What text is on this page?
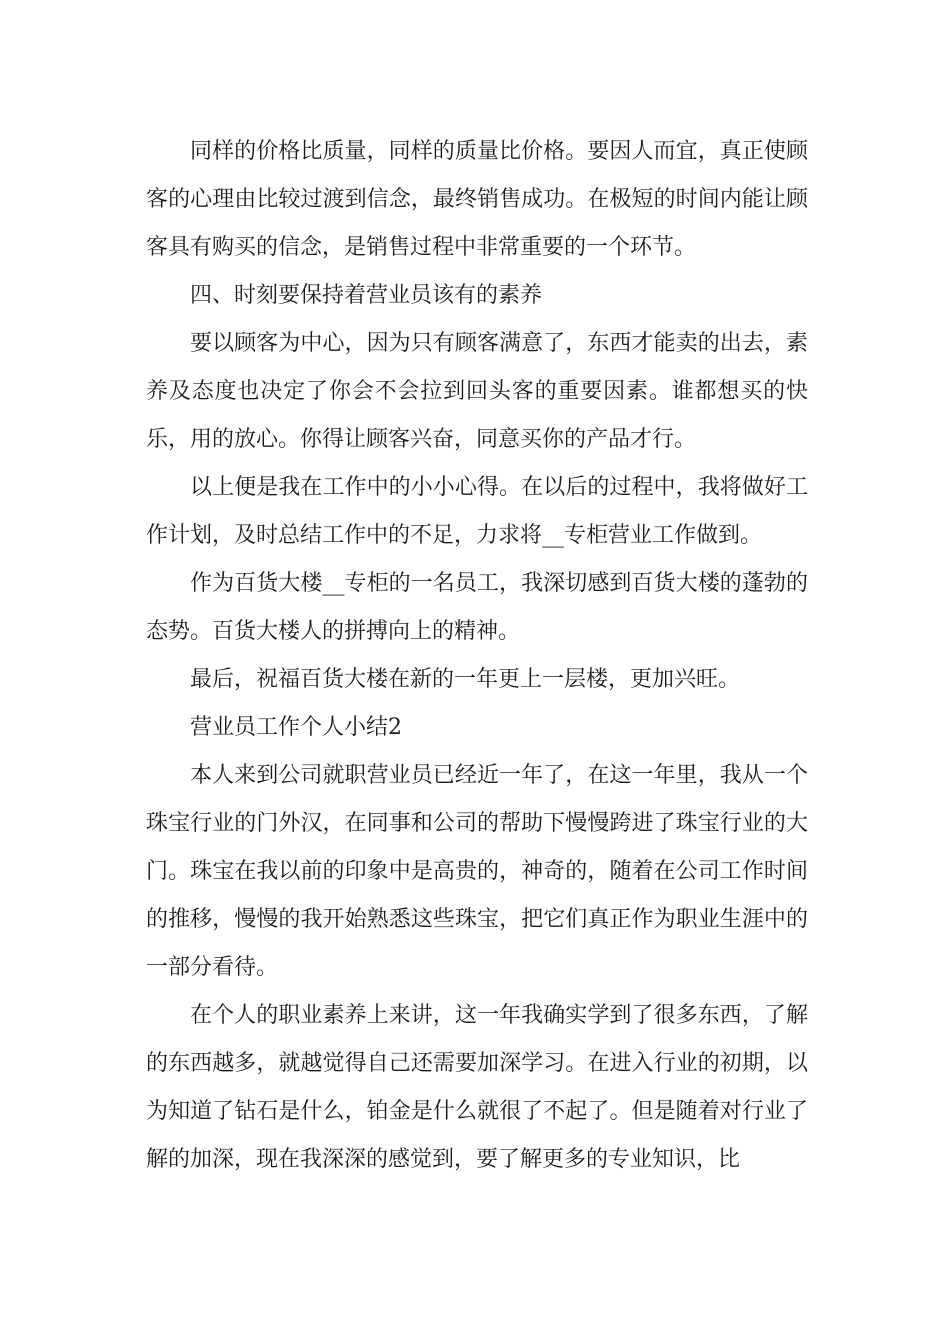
同样的价格比质量，同样的质量比价格。要因人而宜，真正使顾客的心理由比较过渡到信念，最终销售成功。在极短的时间内能让顾客具有购买的信念，是销售过程中非常重要的一个环节。

四、时刻要保持着营业员该有的素养

要以顾客为中心，因为只有顾客满意了，东西才能卖的出去，素养及态度也决定了你会不会拉到回头客的重要因素。谁都想买的快乐，用的放心。你得让顾客兴奋，同意买你的产品才行。

以上便是我在工作中的小小心得。在以后的过程中，我将做好工作计划，及时总结工作中的不足，力求将__专柜营业工作做到。

作为百货大楼__专柜的一名员工，我深切感到百货大楼的蓬勃的态势。百货大楼人的拼搏向上的精神。

最后，祝福百货大楼在新的一年更上一层楼，更加兴旺。

营业员工作个人小结2

本人来到公司就职营业员已经近一年了，在这一年里，我从一个珠宝行业的门外汉，在同事和公司的帮助下慢慢跨进了珠宝行业的大门。珠宝在我以前的印象中是高贵的，神奇的，随着在公司工作时间的推移，慢慢的我开始熟悉这些珠宝，把它们真正作为职业生涯中的一部分看待。

在个人的职业素养上来讲，这一年我确实学到了很多东西，了解的东西越多，就越觉得自己还需要加深学习。在进入行业的初期，以为知道了钻石是什么，铂金是什么就很了不起了。但是随着对行业了解的加深，现在我深深的感觉到，要了解更多的专业知识，比
